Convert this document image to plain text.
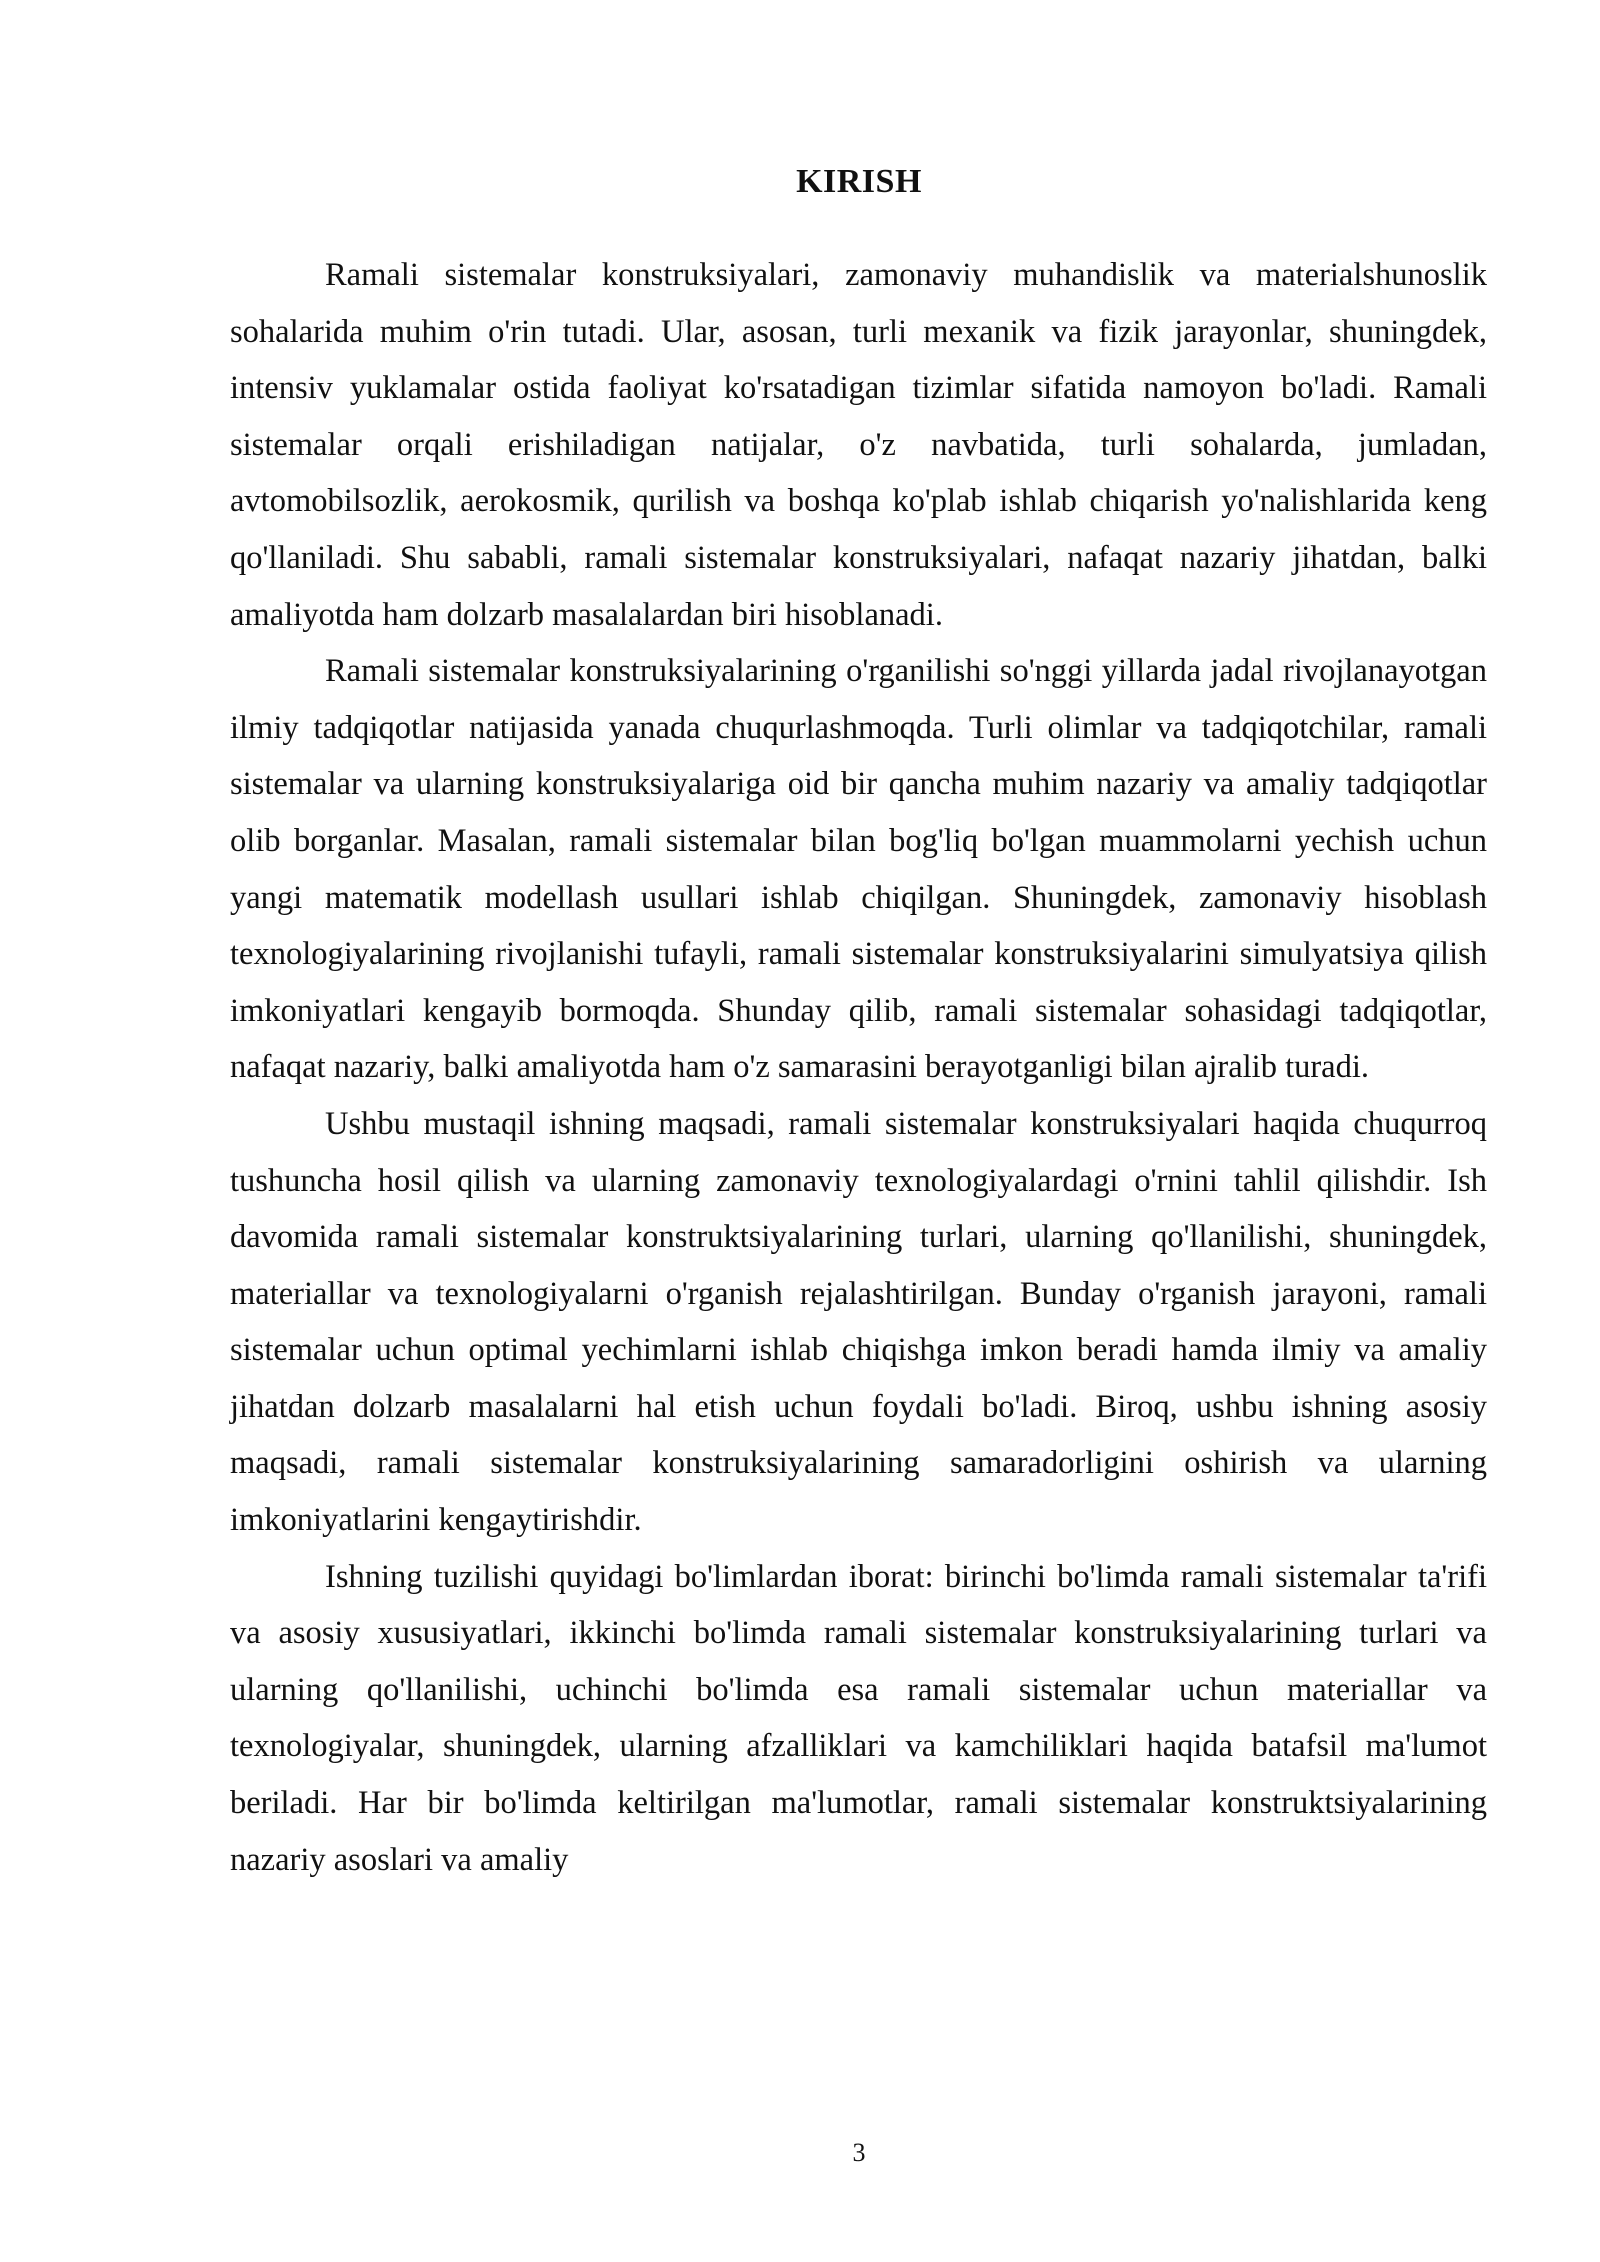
KIRISH

Ramali sistemalar konstruksiyalari, zamonaviy muhandislik va materialshunoslik sohalarida muhim o'rin tutadi. Ular, asosan, turli mexanik va fizik jarayonlar, shuningdek, intensiv yuklamalar ostida faoliyat ko'rsatadigan tizimlar sifatida namoyon bo'ladi. Ramali sistemalar orqali erishiladigan natijalar, o'z navbatida, turli sohalarda, jumladan, avtomobilsozlik, aerokosmik, qurilish va boshqa ko'plab ishlab chiqarish yo'nalishlarida keng qo'llaniladi. Shu sababli, ramali sistemalar konstruksiyalari, nafaqat nazariy jihatdan, balki amaliyotda ham dolzarb masalalardan biri hisoblanadi.

Ramali sistemalar konstruksiyalarining o'rganilishi so'nggi yillarda jadal rivojlanayotgan ilmiy tadqiqotlar natijasida yanada chuqurlashmoqda. Turli olimlar va tadqiqotchilar, ramali sistemalar va ularning konstruksiyalariga oid bir qancha muhim nazariy va amaliy tadqiqotlar olib borganlar. Masalan, ramali sistemalar bilan bog'liq bo'lgan muammolarni yechish uchun yangi matematik modellash usullari ishlab chiqilgan. Shuningdek, zamonaviy hisoblash texnologiyalarining rivojlanishi tufayli, ramali sistemalar konstruksiyalarini simulyatsiya qilish imkoniyatlari kengayib bormoqda. Shunday qilib, ramali sistemalar sohasidagi tadqiqotlar, nafaqat nazariy, balki amaliyotda ham o'z samarasini berayotganligi bilan ajralib turadi.

Ushbu mustaqil ishning maqsadi, ramali sistemalar konstruksiyalari haqida chuqurroq tushuncha hosil qilish va ularning zamonaviy texnologiyalardagi o'rnini tahlil qilishdir. Ish davomida ramali sistemalar konstruktsiyalarining turlari, ularning qo'llanilishi, shuningdek, materiallar va texnologiyalarni o'rganish rejalashtirilgan. Bunday o'rganish jarayoni, ramali sistemalar uchun optimal yechimlarni ishlab chiqishga imkon beradi hamda ilmiy va amaliy jihatdan dolzarb masalalarni hal etish uchun foydali bo'ladi. Biroq, ushbu ishning asosiy maqsadi, ramali sistemalar konstruksiyalarining samaradorligini oshirish va ularning imkoniyatlarini kengaytirishdir.

Ishning tuzilishi quyidagi bo'limlardan iborat: birinchi bo'limda ramali sistemalar ta'rifi va asosiy xususiyatlari, ikkinchi bo'limda ramali sistemalar konstruksiyalarining turlari va ularning qo'llanilishi, uchinchi bo'limda esa ramali sistemalar uchun materiallar va texnologiyalar, shuningdek, ularning afzalliklari va kamchiliklari haqida batafsil ma'lumot beriladi. Har bir bo'limda keltirilgan ma'lumotlar, ramali sistemalar konstruktsiyalarining nazariy asoslari va amaliy

3
